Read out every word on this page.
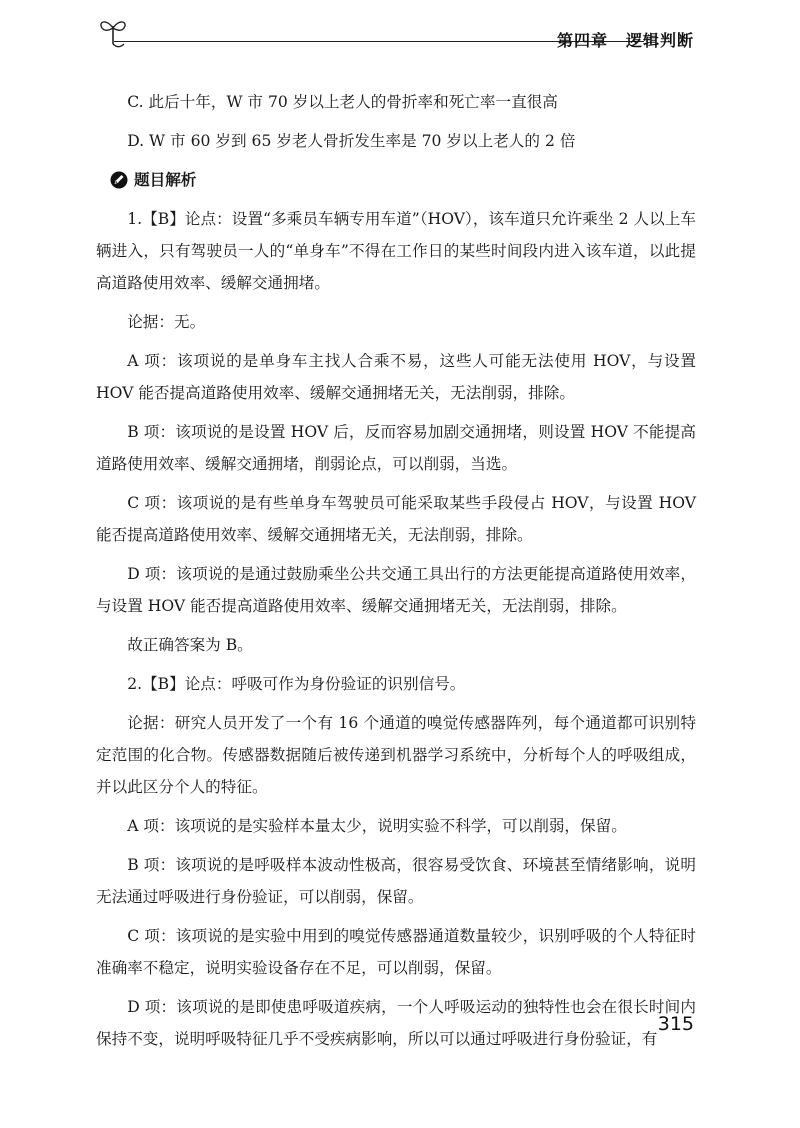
第四章 逻辑判断

C. 此后十年，W 市 70 岁以上老人的骨折率和死亡率一直很高

D. W 市 60 岁到 65 岁老人骨折发生率是 70 岁以上老人的 2 倍

题目解析

1.【B】论点：设置“多乘员车辆专用车道”（HOV），该车道只允许乘坐 2 人以上车辆进入，只有驾驶员一人的“单身车”不得在工作日的某些时间段内进入该车道，以此提高道路使用效率、缓解交通拥堵。

论据：无。

A 项：该项说的是单身车主找人合乘不易，这些人可能无法使用 HOV，与设置 HOV 能否提高道路使用效率、缓解交通拥堵无关，无法削弱，排除。

B 项：该项说的是设置 HOV 后，反而容易加剧交通拥堵，则设置 HOV 不能提高道路使用效率、缓解交通拥堵，削弱论点，可以削弱，当选。

C 项：该项说的是有些单身车驾驶员可能采取某些手段侵占 HOV，与设置 HOV 能否提高道路使用效率、缓解交通拥堵无关，无法削弱，排除。

D 项：该项说的是通过鼓励乘坐公共交通工具出行的方法更能提高道路使用效率，与设置 HOV 能否提高道路使用效率、缓解交通拥堵无关，无法削弱，排除。

故正确答案为 B。

2.【B】论点：呼吸可作为身份验证的识别信号。

论据：研究人员开发了一个有 16 个通道的嗅觉传感器阵列，每个通道都可识别特定范围的化合物。传感器数据随后被传递到机器学习系统中，分析每个人的呼吸组成，并以此区分个人的特征。

A 项：该项说的是实验样本量太少，说明实验不科学，可以削弱，保留。

B 项：该项说的是呼吸样本波动性极高，很容易受饮食、环境甚至情绪影响，说明无法通过呼吸进行身份验证，可以削弱，保留。

C 项：该项说的是实验中用到的嗅觉传感器通道数量较少，识别呼吸的个人特征时准确率不稳定，说明实验设备存在不足，可以削弱，保留。

D 项：该项说的是即使患呼吸道疾病，一个人呼吸运动的独特性也会在很长时间内保持不变，说明呼吸特征几乎不受疾病影响，所以可以通过呼吸进行身份验证，有

315
